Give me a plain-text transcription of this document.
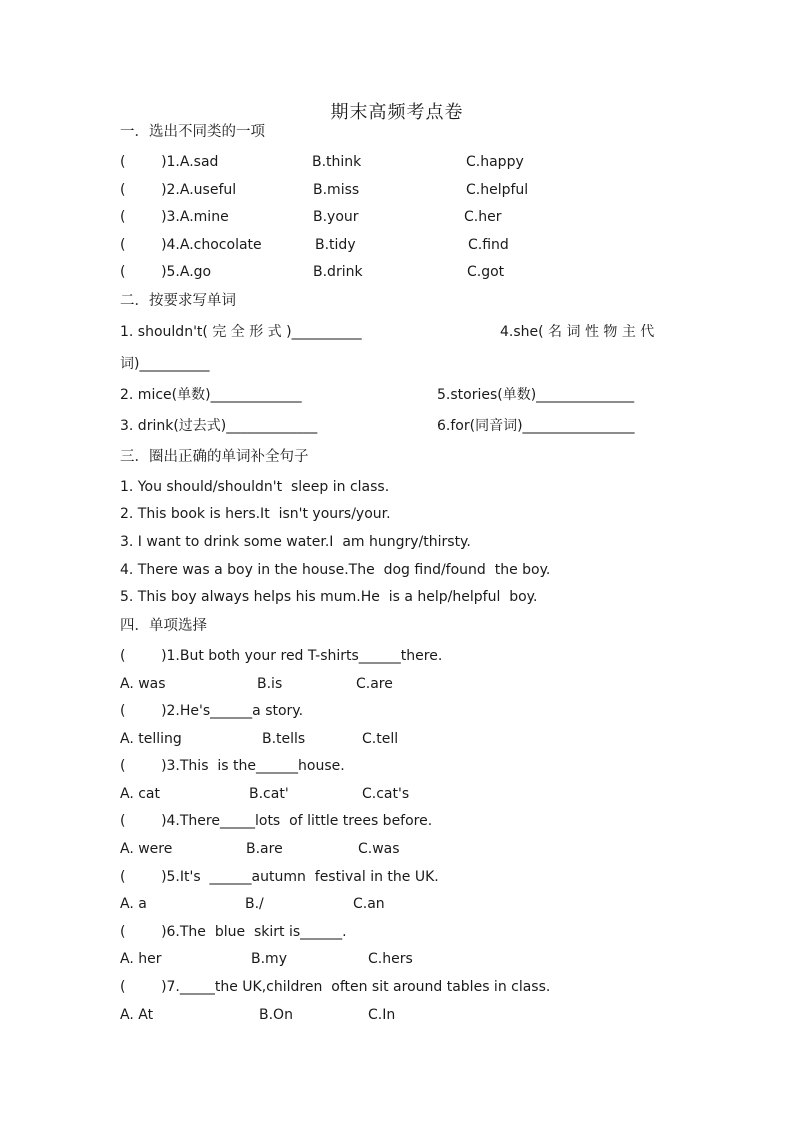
期末高频考点卷
一．选出不同类的一项
(        )1.A.sad	B.think	C.happy
(        )2.A.useful	B.miss	C.helpful
(        )3.A.mine	B.your	C.her
(        )4.A.chocolate	B.tidy	C.find
(        )5.A.go	B.drink	C.got
二．按要求写单词
1. shouldn't( 完 全 形 式 )__________	4.she( 名 词 性 物 主 代
词)__________
2. mice(单数)_____________	5.stories(单数)______________
3. drink(过去式)_____________	6.for(同音词)________________
三．圈出正确的单词补全句子
1. You should/shouldn't  sleep in class.
2. This book is hers.It  isn't yours/your.
3. I want to drink some water.I  am hungry/thirsty.
4. There was a boy in the house.The  dog find/found  the boy.
5. This boy always helps his mum.He  is a help/helpful  boy.
四．单项选择
(        )1.But both your red T-shirts______there.
A. was	B.is	C.are
(        )2.He's______a story.
A. telling	B.tells	C.tell
(        )3.This  is the______house.
A. cat	B.cat'	C.cat's
(        )4.There_____lots  of little trees before.
A. were	B.are	C.was
(        )5.It's  ______autumn  festival in the UK.
A. a	B./	C.an
(        )6.The  blue  skirt is______.
A. her	B.my	C.hers
(        )7._____the UK,children  often sit around tables in class.
A. At	B.On	C.In
